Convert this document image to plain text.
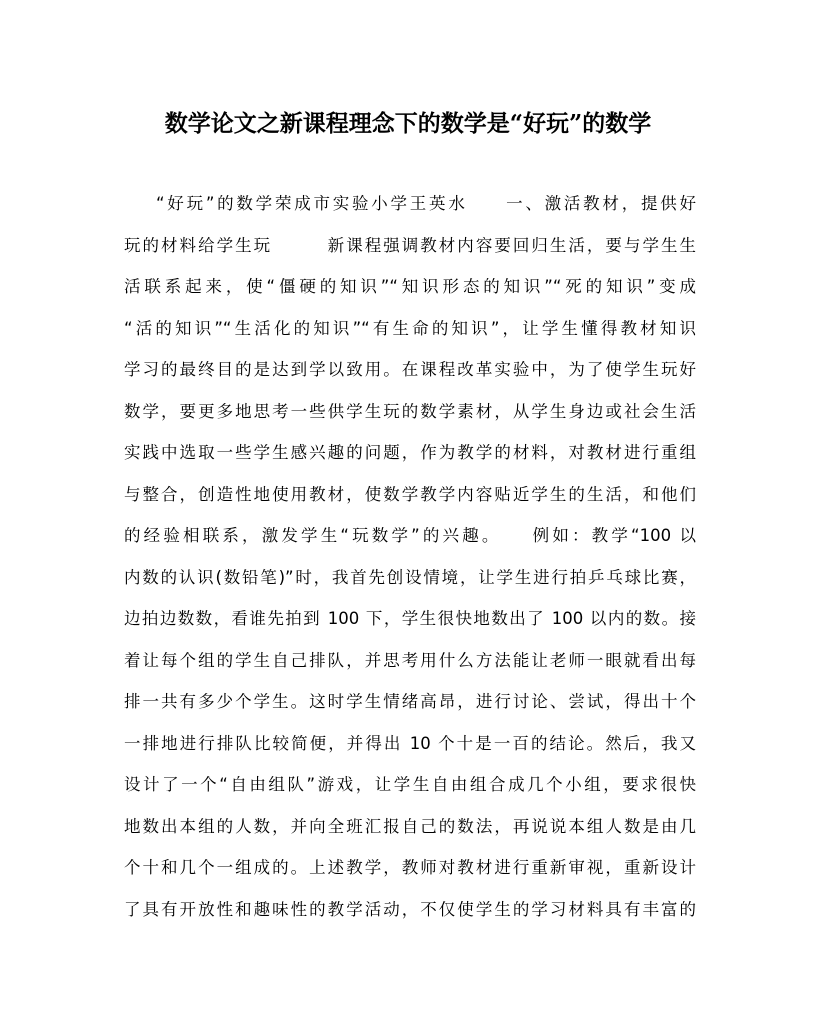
数学论文之新课程理念下的数学是“好玩”的数学
“好玩”的数学荣成市实验小学王英水　　一、激活教材，提供好
玩的材料给学生玩　　　新课程强调教材内容要回归生活，要与学生生
活联系起来，使“僵硬的知识”“知识形态的知识”“死的知识”变成
“活的知识”“生活化的知识”“有生命的知识”，让学生懂得教材知识
学习的最终目的是达到学以致用。在课程改革实验中，为了使学生玩好
数学，要更多地思考一些供学生玩的数学素材，从学生身边或社会生活
实践中选取一些学生感兴趣的问题，作为教学的材料，对教材进行重组
与整合，创造性地使用教材，使数学教学内容贴近学生的生活，和他们
的经验相联系，激发学生“玩数学”的兴趣。　　例如：教学“100 以
内数的认识(数铅笔)”时，我首先创设情境，让学生进行拍乒乓球比赛，
边拍边数数，看谁先拍到 100 下，学生很快地数出了 100 以内的数。接
着让每个组的学生自己排队，并思考用什么方法能让老师一眼就看出每
排一共有多少个学生。这时学生情绪高昂，进行讨论、尝试，得出十个
一排地进行排队比较简便，并得出 10 个十是一百的结论。然后，我又
设计了一个“自由组队”游戏，让学生自由组合成几个小组，要求很快
地数出本组的人数，并向全班汇报自己的数法，再说说本组人数是由几
个十和几个一组成的。上述教学，教师对教材进行重新审视，重新设计
了具有开放性和趣味性的教学活动，不仅使学生的学习材料具有丰富的
